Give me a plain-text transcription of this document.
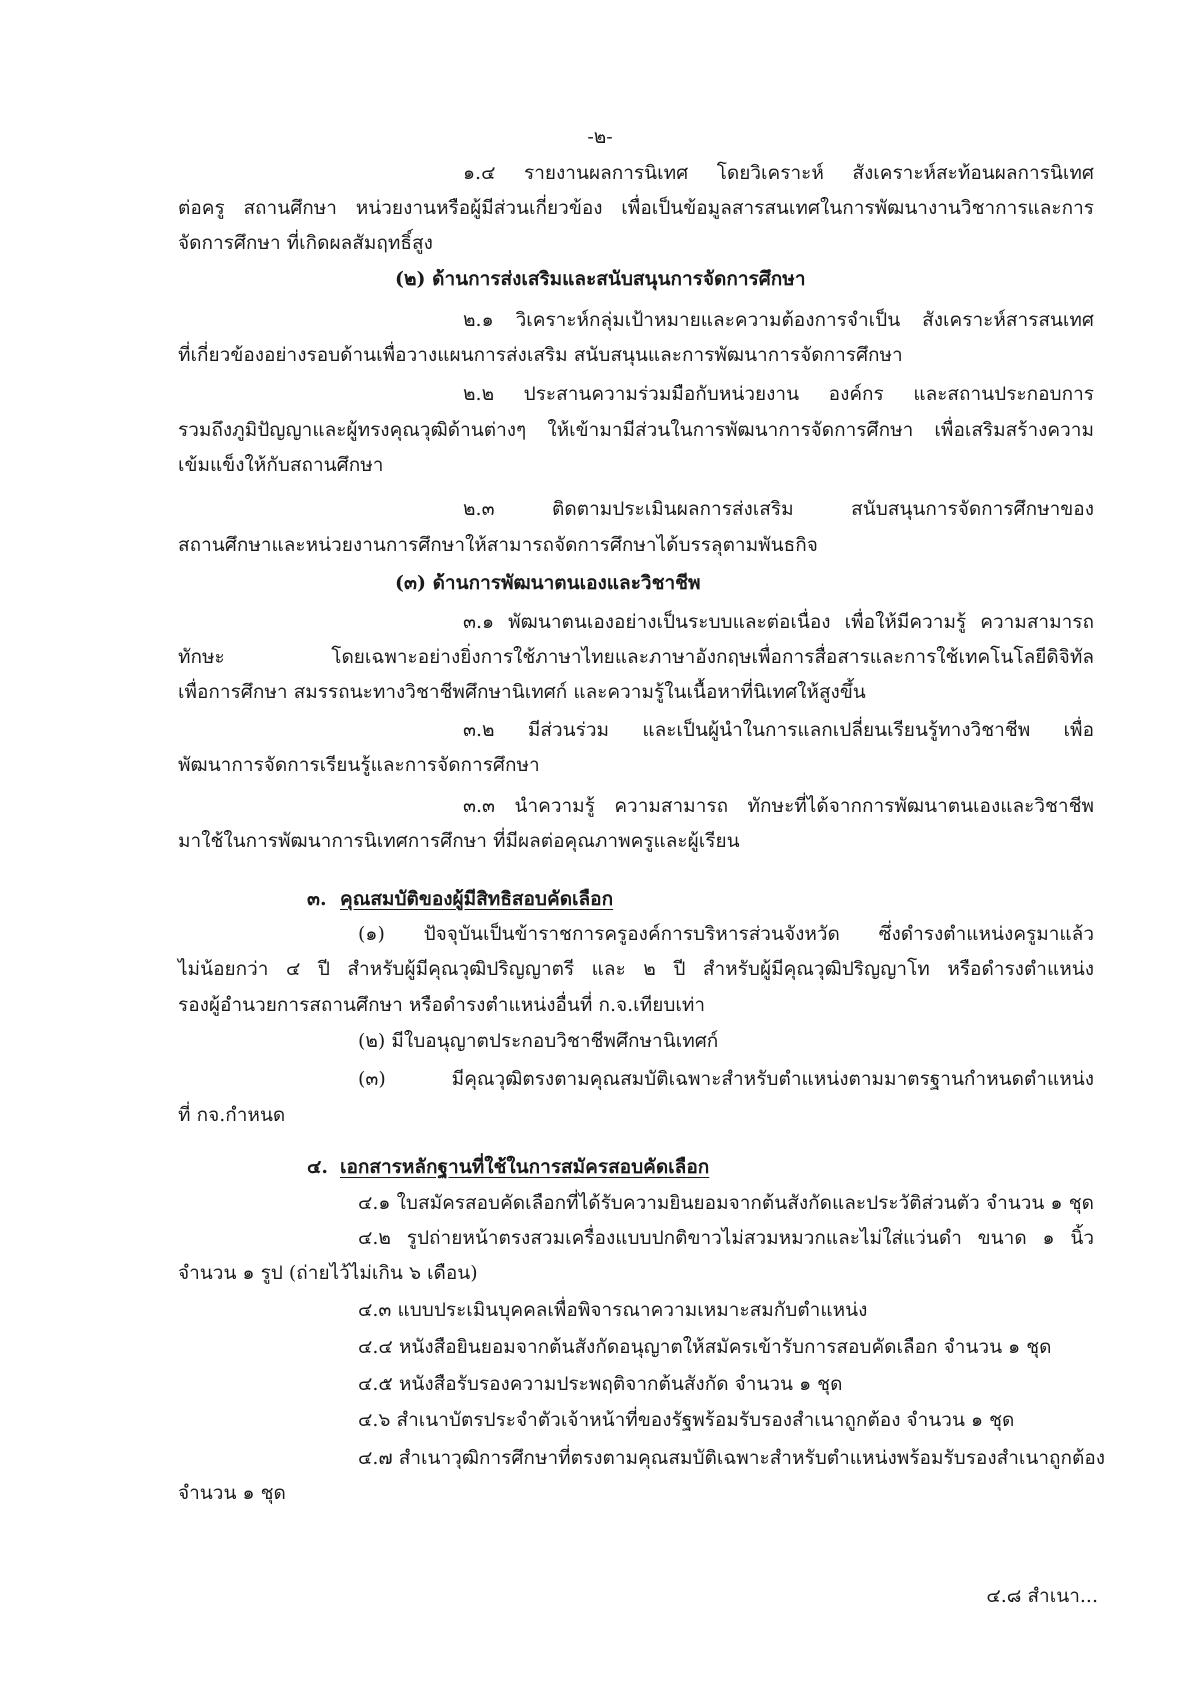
-๒-
๑.๔ รายงานผลการนิเทศ โดยวิเคราะห์ สังเคราะห์สะท้อนผลการนิเทศ
ต่อครู สถานศึกษา หน่วยงานหรือผู้มีส่วนเกี่ยวข้อง เพื่อเป็นข้อมูลสารสนเทศในการพัฒนางานวิชาการและการ
จัดการศึกษา ที่เกิดผลสัมฤทธิ์สูง
(๒) ด้านการส่งเสริมและสนับสนุนการจัดการศึกษา
๒.๑ วิเคราะห์กลุ่มเป้าหมายและความต้องการจำเป็น สังเคราะห์สารสนเทศ
ที่เกี่ยวข้องอย่างรอบด้านเพื่อวางแผนการส่งเสริม สนับสนุนและการพัฒนาการจัดการศึกษา
๒.๒ ประสานความร่วมมือกับหน่วยงาน องค์กร และสถานประกอบการ
รวมถึงภูมิปัญญาและผู้ทรงคุณวุฒิด้านต่างๆ ให้เข้ามามีส่วนในการพัฒนาการจัดการศึกษา เพื่อเสริมสร้างความ
เข้มแข็งให้กับสถานศึกษา
๒.๓ ติดตามประเมินผลการส่งเสริม สนับสนุนการจัดการศึกษาของ
สถานศึกษาและหน่วยงานการศึกษาให้สามารถจัดการศึกษาได้บรรลุตามพันธกิจ
(๓) ด้านการพัฒนาตนเองและวิชาชีพ
๓.๑ พัฒนาตนเองอย่างเป็นระบบและต่อเนื่อง เพื่อให้มีความรู้ ความสามารถ
ทักษะ โดยเฉพาะอย่างยิ่งการใช้ภาษาไทยและภาษาอังกฤษเพื่อการสื่อสารและการใช้เทคโนโลยีดิจิทัล
เพื่อการศึกษา สมรรถนะทางวิชาชีพศึกษานิเทศก์ และความรู้ในเนื้อหาที่นิเทศให้สูงขึ้น
๓.๒ มีส่วนร่วม และเป็นผู้นำในการแลกเปลี่ยนเรียนรู้ทางวิชาชีพ เพื่อ
พัฒนาการจัดการเรียนรู้และการจัดการศึกษา
๓.๓ นำความรู้ ความสามารถ ทักษะที่ได้จากการพัฒนาตนเองและวิชาชีพ
มาใช้ในการพัฒนาการนิเทศการศึกษา ที่มีผลต่อคุณภาพครูและผู้เรียน
๓. คุณสมบัติของผู้มีสิทธิสอบคัดเลือก
(๑) ปัจจุบันเป็นข้าราชการครูองค์การบริหารส่วนจังหวัด ซึ่งดำรงตำแหน่งครูมาแล้ว
ไม่น้อยกว่า ๔ ปี สำหรับผู้มีคุณวุฒิปริญญาตรี และ ๒ ปี สำหรับผู้มีคุณวุฒิปริญญาโท หรือดำรงตำแหน่ง
รองผู้อำนวยการสถานศึกษา หรือดำรงตำแหน่งอื่นที่ ก.จ.เทียบเท่า
(๒) มีใบอนุญาตประกอบวิชาชีพศึกษานิเทศก์
(๓) มีคุณวุฒิตรงตามคุณสมบัติเฉพาะสำหรับตำแหน่งตามมาตรฐานกำหนดตำแหน่ง
ที่ กจ.กำหนด
๔. เอกสารหลักฐานที่ใช้ในการสมัครสอบคัดเลือก
๔.๑ ใบสมัครสอบคัดเลือกที่ได้รับความยินยอมจากต้นสังกัดและประวัติส่วนตัว จำนวน ๑ ชุด
๔.๒ รูปถ่ายหน้าตรงสวมเครื่องแบบปกติขาวไม่สวมหมวกและไม่ใส่แว่นดำ ขนาด ๑ นิ้ว
จำนวน ๑ รูป (ถ่ายไว้ไม่เกิน ๖ เดือน)
๔.๓ แบบประเมินบุคคลเพื่อพิจารณาความเหมาะสมกับตำแหน่ง
๔.๔ หนังสือยินยอมจากต้นสังกัดอนุญาตให้สมัครเข้ารับการสอบคัดเลือก จำนวน ๑ ชุด
๔.๕ หนังสือรับรองความประพฤติจากต้นสังกัด จำนวน ๑ ชุด
๔.๖ สำเนาบัตรประจำตัวเจ้าหน้าที่ของรัฐพร้อมรับรองสำเนาถูกต้อง จำนวน ๑ ชุด
๔.๗ สำเนาวุฒิการศึกษาที่ตรงตามคุณสมบัติเฉพาะสำหรับตำแหน่งพร้อมรับรองสำเนาถูกต้อง
จำนวน ๑ ชุด
๔.๘ สำเนา...
